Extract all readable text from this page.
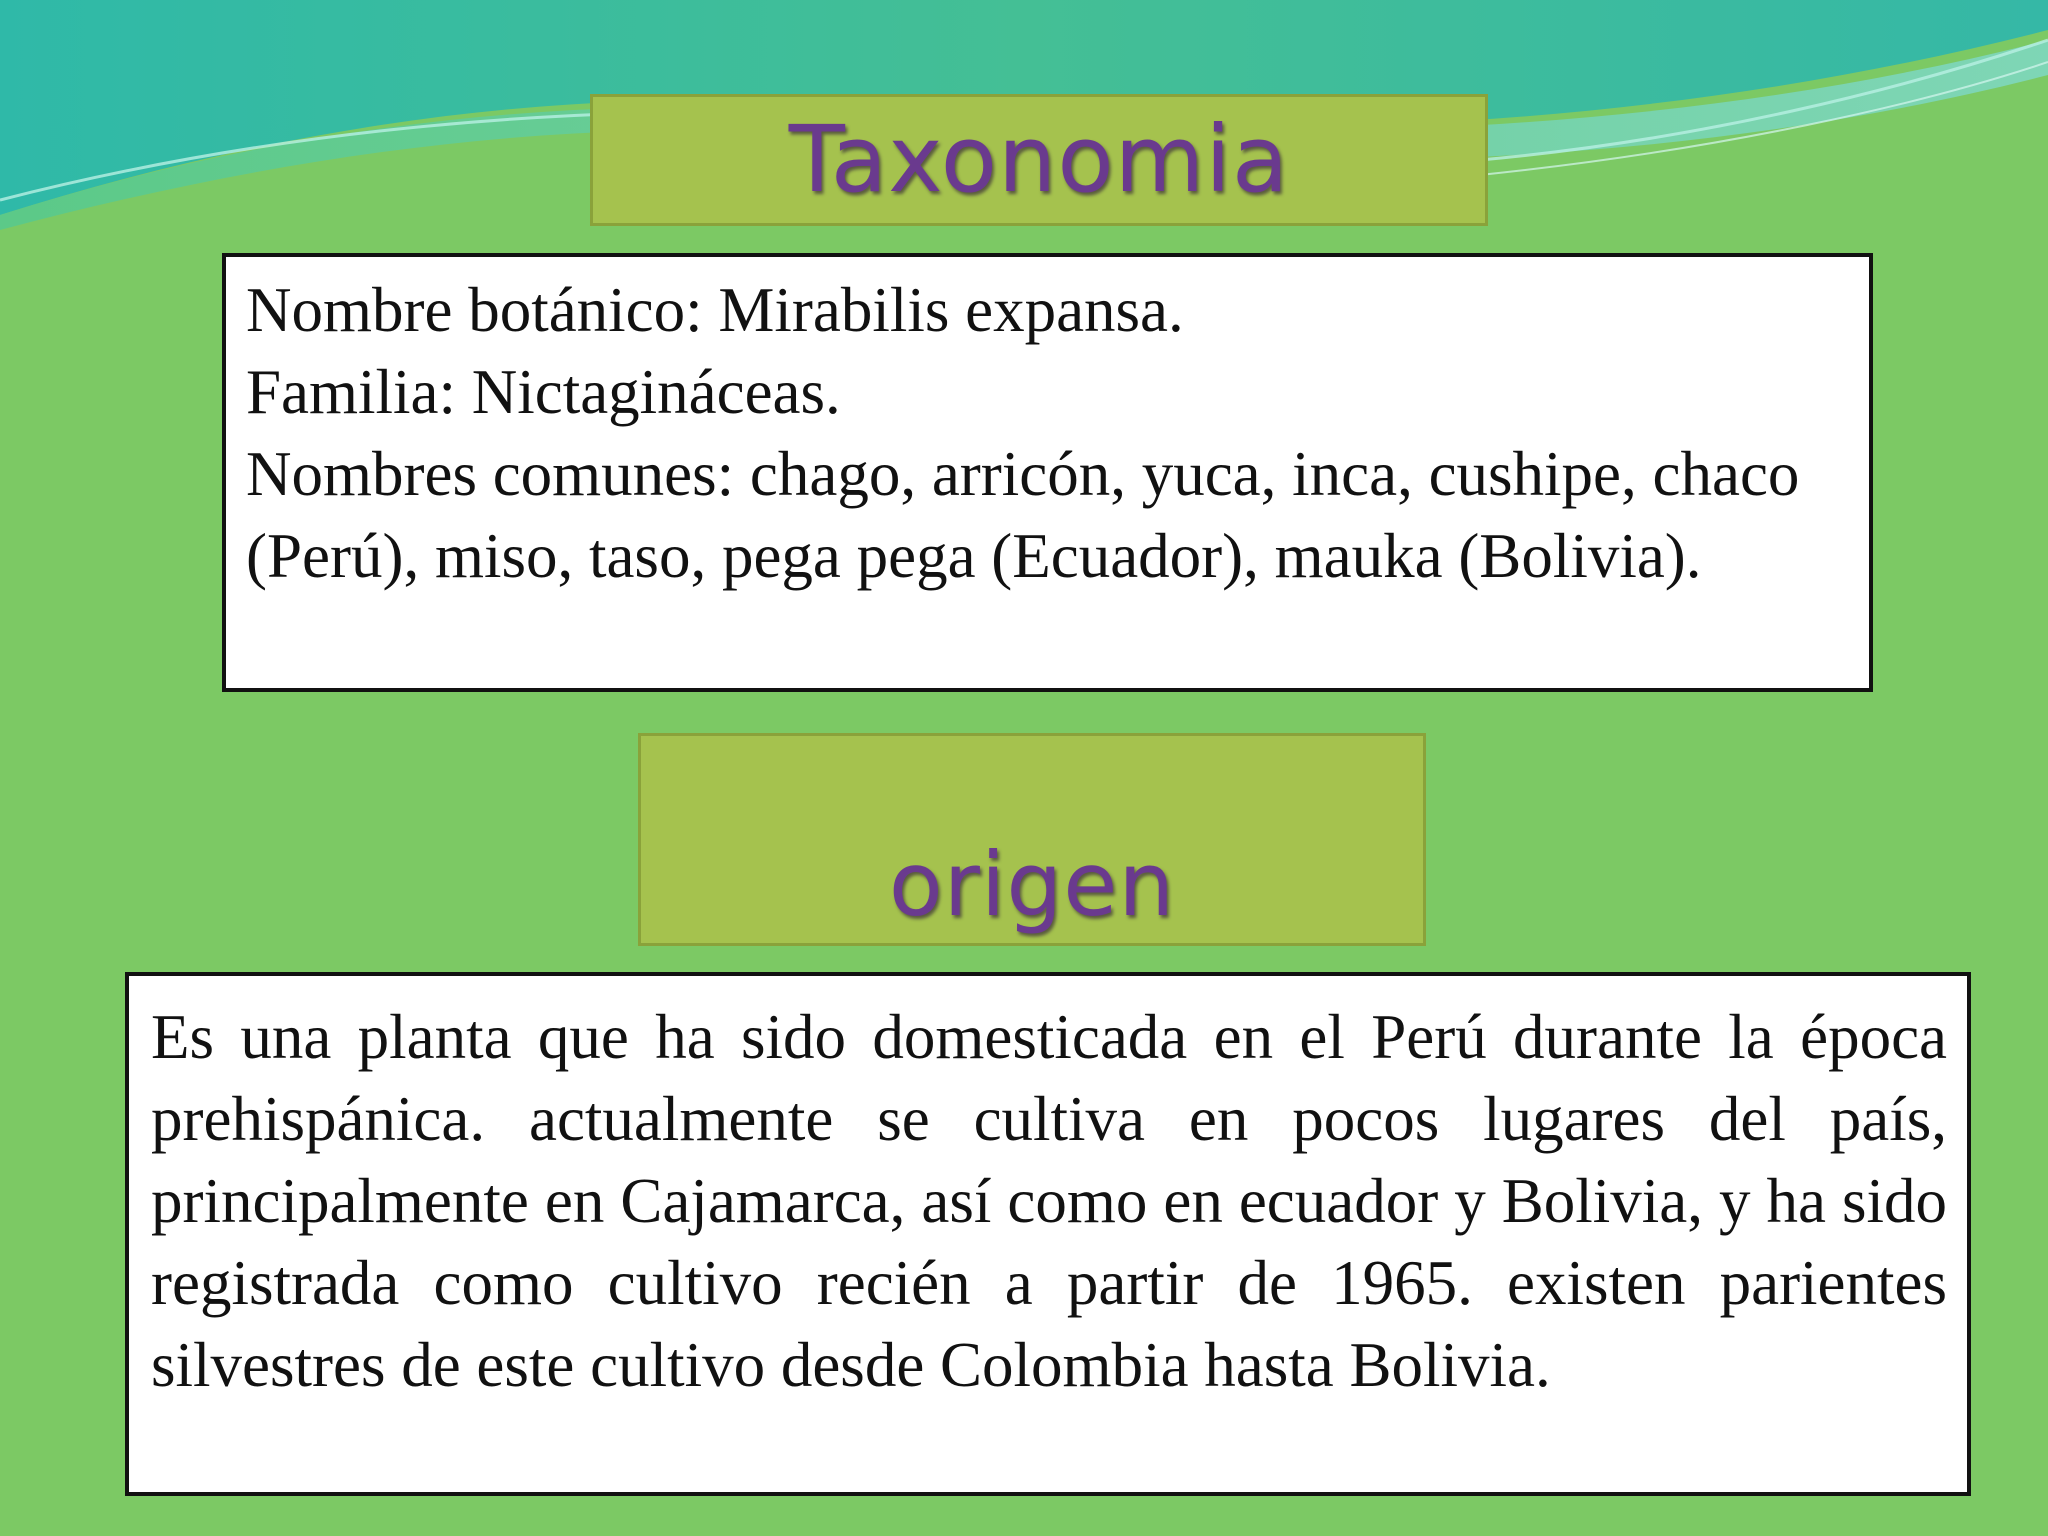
Taxonomia

Nombre botánico: Mirabilis expansa.

Familia: Nictagináceas.

Nombres comunes: chago, arricón, yuca, inca, cushipe, chaco (Perú), miso, taso, pega pega (Ecuador), mauka (Bolivia).

origen

Es una planta que ha sido domesticada en el Perú durante la época prehispánica. actualmente se cultiva en pocos lugares del país, principalmente en Cajamarca, así como en ecuador y Bolivia, y ha sido registrada como cultivo recién a partir de 1965. existen parientes silvestres de este cultivo desde Colombia hasta Bolivia.
